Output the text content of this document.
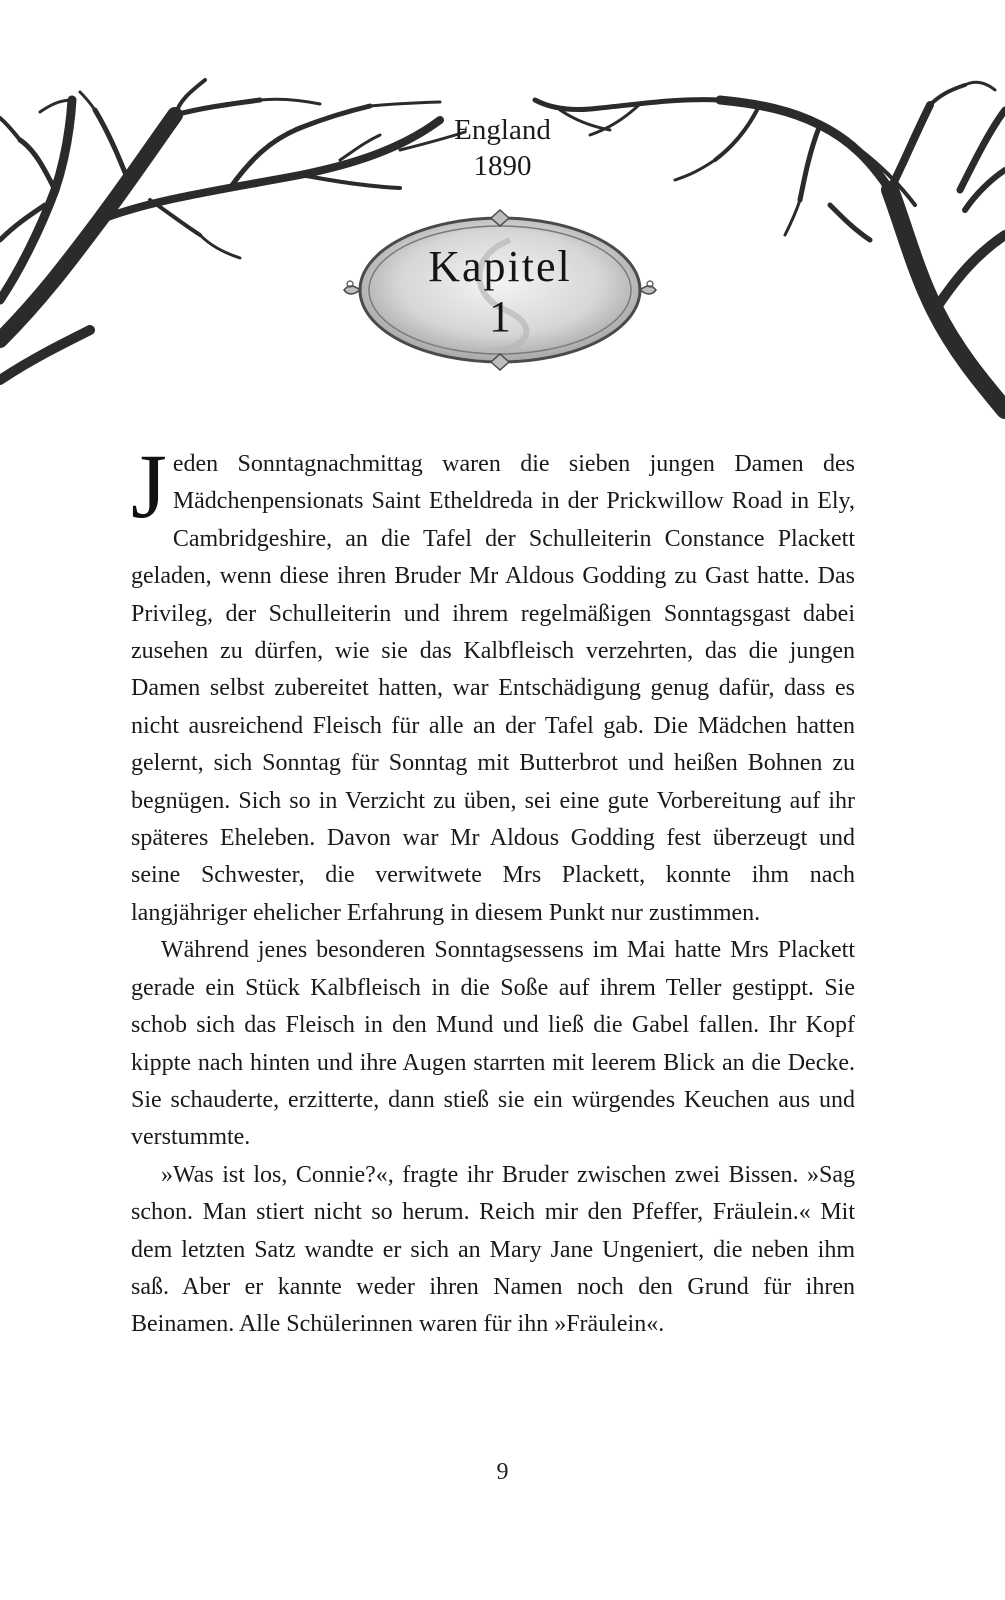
England
1890
Kapitel
1

Jeden Sonntagnachmittag waren die sieben jungen Damen des Mädchenpensionats Saint Etheldreda in der Prickwillow Road in Ely, Cambridgeshire, an die Tafel der Schulleiterin Constance Plackett geladen, wenn diese ihren Bruder Mr Aldous Godding zu Gast hatte. Das Privileg, der Schulleiterin und ihrem regelmäßigen Sonntagsgast dabei zusehen zu dürfen, wie sie das Kalbfleisch verzehrten, das die jungen Damen selbst zubereitet hatten, war Entschädigung genug dafür, dass es nicht ausreichend Fleisch für alle an der Tafel gab. Die Mädchen hatten gelernt, sich Sonntag für Sonntag mit Butterbrot und heißen Bohnen zu begnügen. Sich so in Verzicht zu üben, sei eine gute Vorbereitung auf ihr späteres Eheleben. Davon war Mr Aldous Godding fest überzeugt und seine Schwester, die verwitwete Mrs Plackett, konnte ihm nach langjähriger ehelicher Erfahrung in diesem Punkt nur zustimmen.

Während jenes besonderen Sonntagsessens im Mai hatte Mrs Plackett gerade ein Stück Kalbfleisch in die Soße auf ihrem Teller gestippt. Sie schob sich das Fleisch in den Mund und ließ die Gabel fallen. Ihr Kopf kippte nach hinten und ihre Augen starrten mit leerem Blick an die Decke. Sie schauderte, erzitterte, dann stieß sie ein würgendes Keuchen aus und verstummte.

»Was ist los, Connie?«, fragte ihr Bruder zwischen zwei Bissen. »Sag schon. Man stiert nicht so herum. Reich mir den Pfeffer, Fräulein.« Mit dem letzten Satz wandte er sich an Mary Jane Ungeniert, die neben ihm saß. Aber er kannte weder ihren Namen noch den Grund für ihren Beinamen. Alle Schülerinnen waren für ihn »Fräulein«.

9
